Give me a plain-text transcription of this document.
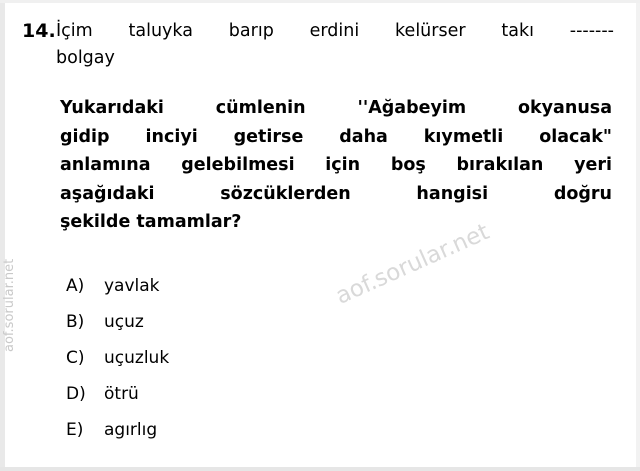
14. İçim taluyka barıp erdini kelürser takı -------
bolgay
Yukarıdaki cümlenin ''Ağabeyim okyanusa
gidip inciyi getirse daha kıymetli olacak"
anlamına gelebilmesi için boş bırakılan yeri
aşağıdaki sözcüklerden hangisi doğru
şekilde tamamlar?
A)	yavlak
B)	uçuz
C)	uçuzluk
D)	ötrü
E)	agırlıg
aof.sorular.net
aof.sorular.net
